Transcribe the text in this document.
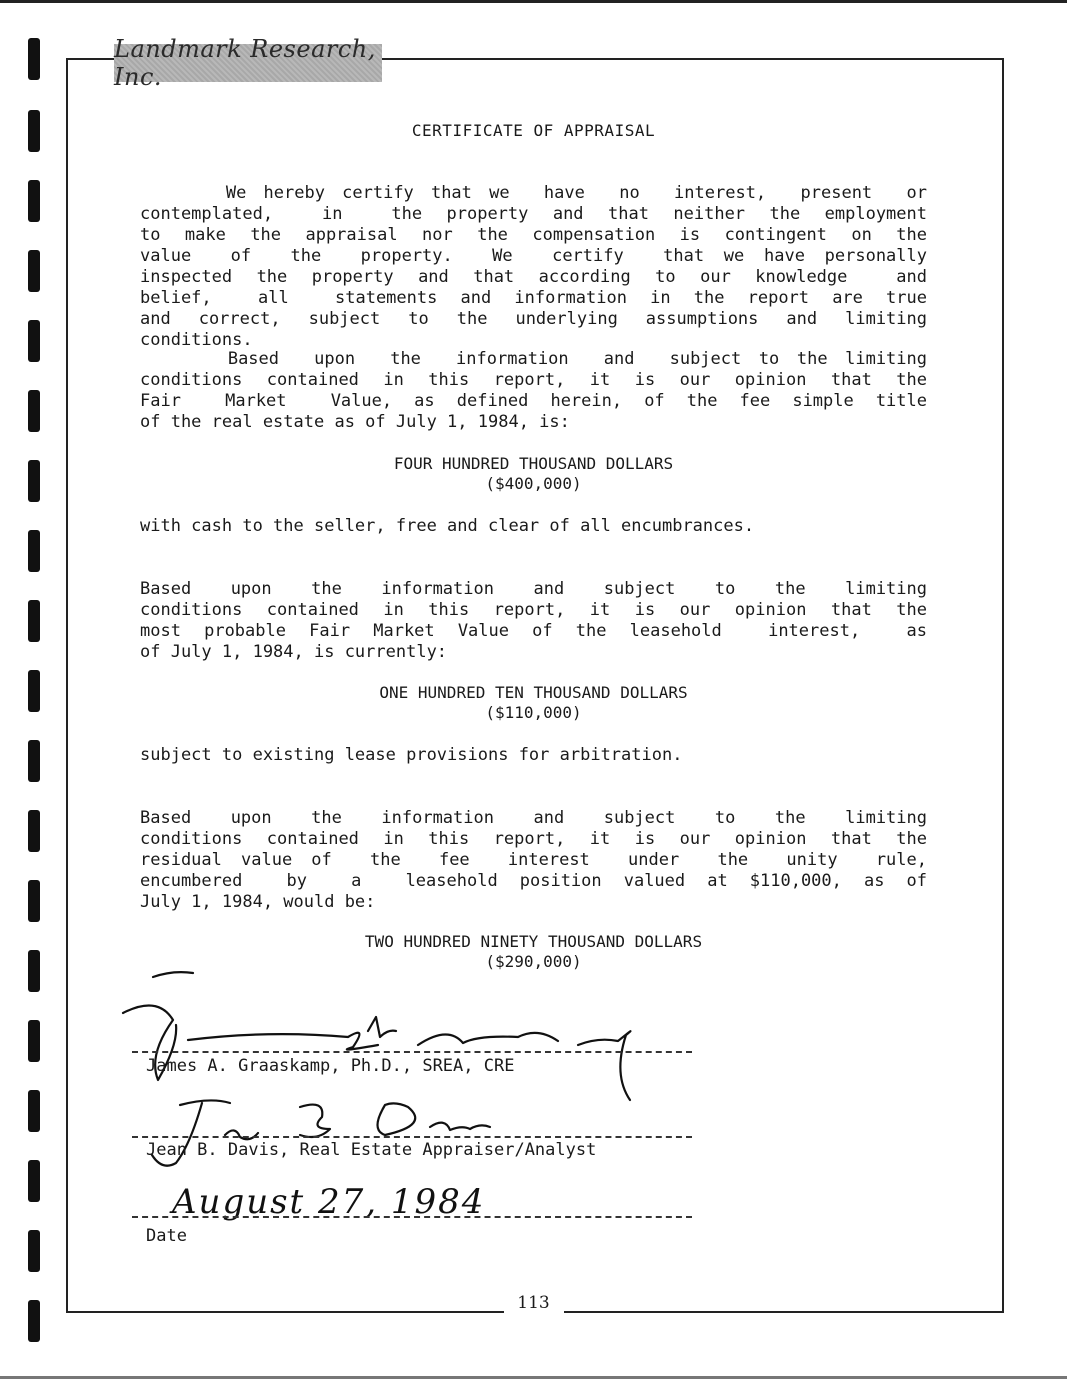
Landmark Research, Inc.
CERTIFICATE OF APPRAISAL
We hereby certify that we  have  no  interest,  present  or
contemplated,  in  the property and that neither the employment
to make the appraisal nor the compensation is contingent on the
value  of  the  property.  We  certify  that we have personally
inspected the property and that according to our knowledge  and
belief,  all  statements and information in the report are true
and correct, subject to the underlying assumptions and limiting
conditions.
Based  upon  the  information  and  subject to the limiting
conditions contained in this report, it is our opinion that the
Fair  Market  Value, as defined herein, of the fee simple title
of the real estate as of July 1, 1984, is:
FOUR HUNDRED THOUSAND DOLLARS
($400,000)
with cash to the seller, free and clear of all encumbrances.
Based  upon  the  information  and  subject  to  the  limiting
conditions contained in this report, it is our opinion that the
most probable Fair Market Value of the leasehold  interest,  as
of July 1, 1984, is currently:
ONE HUNDRED TEN THOUSAND DOLLARS
($110,000)
subject to existing lease provisions for arbitration.
Based  upon  the  information  and  subject  to  the  limiting
conditions contained in this report, it is our opinion that the
residual value of  the  fee  interest  under  the  unity  rule,
encumbered  by  a  leasehold position valued at $110,000, as of
July 1, 1984, would be:
TWO HUNDRED NINETY THOUSAND DOLLARS
($290,000)
James A. Graaskamp, Ph.D., SREA, CRE
Jean B. Davis, Real Estate Appraiser/Analyst
August 27, 1984
Date
113
